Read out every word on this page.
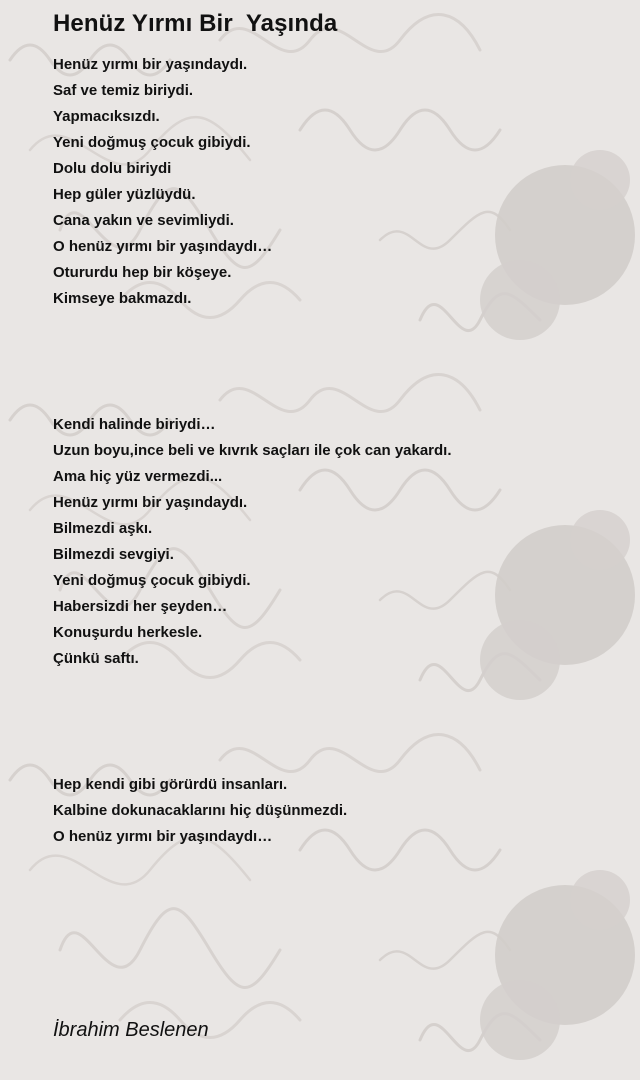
Henüz Yırmı Bir  Yaşında
Henüz yırmı bir yaşındaydı.
Saf ve temiz biriydi.
Yapmacıksızdı.
Yeni doğmuş çocuk gibiydi.
Dolu dolu biriydi
Hep güler yüzlüydü.
Cana yakın ve sevimliydi.
O henüz yırmı bir yaşındaydı…
Otururdu hep bir köşeye.
Kimseye bakmazdı.
Kendi halinde biriydi…
Uzun boyu,ince beli ve kıvrık saçları ile çok can yakardı.
Ama hiç yüz vermezdi...
Henüz yırmı bir yaşındaydı.
Bilmezdi aşkı.
Bilmezdi sevgiyi.
Yeni doğmuş çocuk gibiydi.
Habersizdi her şeyden…
Konuşurdu herkesle.
Çünkü saftı.
Hep kendi gibi görürdü insanları.
Kalbine dokunacaklarını hiç düşünmezdi.
O henüz yırmı bir yaşındaydı…
İbrahim Beslenen
